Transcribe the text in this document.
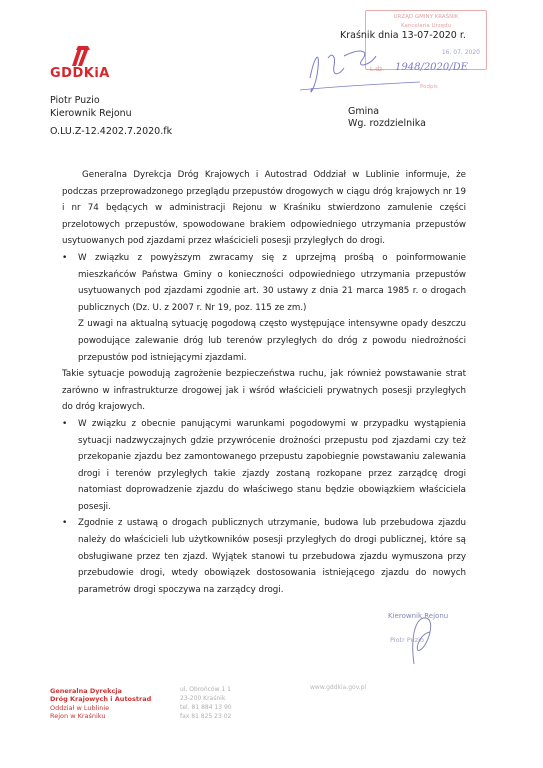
GDDKiA
Piotr Puzio
Kierownik Rejonu
O.LU.Z-12.4202.7.2020.fk
URZĄD GMINY KRAŚNIK
Kancelaria Urzędu
16. 07. 2020
L.dz.
Podpis
1948/2020/DE
Kraśnik dnia 13-07-2020 r.
Gmina
Wg. rozdzielnika

Generalna Dyrekcja Dróg Krajowych i Autostrad Oddział w Lublinie informuje, że podczas przeprowadzonego przeglądu przepustów drogowych w ciągu dróg krajowych nr 19 i nr 74 będących w administracji Rejonu w Kraśniku stwierdzono zamulenie części przelotowych przepustów, spowodowane brakiem odpowiedniego utrzymania przepustów usytuowanych pod zjazdami przez właścicieli posesji przyległych do drogi.

• W związku z powyższym zwracamy się z uprzejmą prośbą o poinformowanie mieszkańców Państwa Gminy o konieczności odpowiedniego utrzymania przepustów usytuowanych pod zjazdami zgodnie art. 30 ustawy z dnia 21 marca 1985 r. o drogach publicznych (Dz. U. z 2007 r. Nr 19, poz. 115 ze zm.)

Z uwagi na aktualną sytuację pogodową często występujące intensywne opady deszczu powodujące zalewanie dróg lub terenów przyległych do dróg z powodu niedrożności przepustów pod istniejącymi zjazdami.

Takie sytuacje powodują zagrożenie bezpieczeństwa ruchu, jak również powstawanie strat zarówno w infrastrukturze drogowej jak i wśród właścicieli prywatnych posesji przyległych do dróg krajowych.

• W związku z obecnie panującymi warunkami pogodowymi w przypadku wystąpienia sytuacji nadzwyczajnych gdzie przywrócenie drożności przepustu pod zjazdami czy też przekopanie zjazdu bez zamontowanego przepustu zapobiegnie powstawaniu zalewania drogi i terenów przyległych takie zjazdy zostaną rozkopane przez zarządcę drogi natomiast doprowadzenie zjazdu do właściwego stanu będzie obowiązkiem właściciela posesji.

• Zgodnie z ustawą o drogach publicznych utrzymanie, budowa lub przebudowa zjazdu należy do właścicieli lub użytkowników posesji przyległych do drogi publicznej, które są obsługiwane przez ten zjazd. Wyjątek stanowi tu przebudowa zjazdu wymuszona przy przebudowie drogi, wtedy obowiązek dostosowania istniejącego zjazdu do nowych parametrów drogi spoczywa na zarządcy drogi.

Kierownik Rejonu
Piotr Puzio
Generalna Dyrekcja
Dróg Krajowych i Autostrad
Oddział w Lublinie
Rejon w Kraśniku
ul. Obrońców 1 1
23-200 Kraśnik
tel. 81 884 13 90
fax 81 825 23 02
www.gddkia.gov.pl
